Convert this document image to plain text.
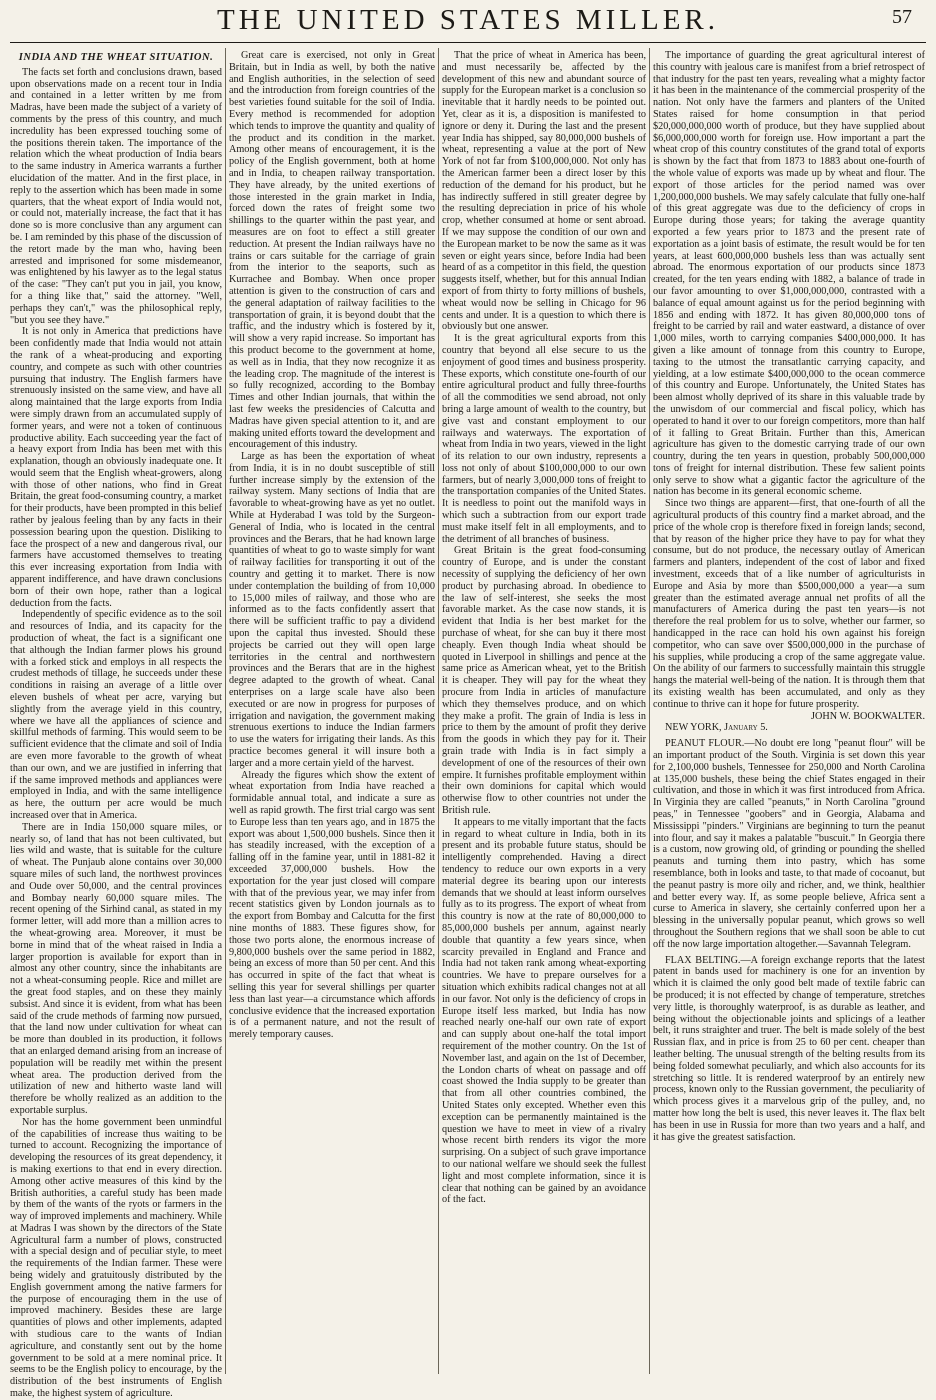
THE UNITED STATES MILLER.	57
INDIA AND THE WHEAT SITUATION.

The facts set forth and conclusions drawn, based upon observations made on a recent tour in India and contained in a letter written by me from Madras, have been made the subject of a variety of comments by the press of this country, and much incredulity has been expressed touching some of the positions therein taken. The importance of the relation which the wheat production of India bears to the same industry in America warrants a further elucidation of the matter. And in the first place, in reply to the assertion which has been made in some quarters, that the wheat export of India would not, or could not, materially increase, the fact that it has done so is more conclusive than any argument can be. I am reminded by this phase of the discussion of the retort made by the man who, having been arrested and imprisoned for some misdemeanor, was enlightened by his lawyer as to the legal status of the case: "They can't put you in jail, you know, for a thing like that," said the attorney. "Well, perhaps they can't," was the philosophical reply, "but you see they have."

It is not only in America that predictions have been confidently made that India would not attain the rank of a wheat-producing and exporting country, and compete as such with other countries pursuing that industry. The English farmers have strenuously insisted on the same view, and have all along maintained that the large exports from India were simply drawn from an accumulated supply of former years, and were not a token of continuous productive ability. Each succeeding year the fact of a heavy export from India has been met with this explanation, though an obviously inadequate one. It would seem that the English wheat-growers, along with those of other nations, who find in Great Britain, the great food-consuming country, a market for their products, have been prompted in this belief rather by jealous feeling than by any facts in their possession bearing upon the question. Disliking to face the prospect of a new and dangerous rival, our farmers have accustomed themselves to treating this ever increasing exportation from India with apparent indifference, and have drawn conclusions born of their own hope, rather than a logical deduction from the facts.

Independently of specific evidence as to the soil and resources of India, and its capacity for the production of wheat, the fact is a significant one that although the Indian farmer plows his ground with a forked stick and employs in all respects the crudest methods of tillage, he succeeds under these conditions in raising an average of a little over eleven bushels of wheat per acre, varying but slightly from the average yield in this country, where we have all the appliances of science and skillful methods of farming. This would seem to be sufficient evidence that the climate and soil of India are even more favorable to the growth of wheat than our own, and we are justified in inferring that if the same improved methods and appliances were employed in India, and with the same intelligence as here, the outturn per acre would be much increased over that in America.

There are in India 150,000 square miles, or nearly so, of land that has not been cultivated, but lies wild and waste, that is suitable for the culture of wheat. The Punjaub alone contains over 30,000 square miles of such land, the northwest provinces and Oude over 50,000, and the central provinces and Bombay nearly 60,000 square miles. The recent opening of the Sirhind canal, as stated in my former letter, will add more than a million acres to the wheat-growing area. Moreover, it must be borne in mind that of the wheat raised in India a larger proportion is available for export than in almost any other country, since the inhabitants are not a wheat-consuming people. Rice and millet are the great food staples, and on these they mainly subsist. And since it is evident, from what has been said of the crude methods of farming now pursued, that the land now under cultivation for wheat can be more than doubled in its production, it follows that an enlarged demand arising from an increase of population will be readily met within the present wheat area. The production derived from the utilization of new and hitherto waste land will therefore be wholly realized as an addition to the exportable surplus.

Nor has the home government been unmindful of the capabilities of increase thus waiting to be turned to account. Recognizing the importance of developing the resources of its great dependency, it is making exertions to that end in every direction. Among other active measures of this kind by the British authorities, a careful study has been made by them of the wants of the ryots or farmers in the way of improved implements and machinery. While at Madras I was shown by the directors of the State Agricultural farm a number of plows, constructed with a special design and of peculiar style, to meet the requirements of the Indian farmer. These were being widely and gratuitously distributed by the English government among the native farmers for the purpose of encouraging them in the use of improved machinery. Besides these are large quantities of plows and other implements, adapted with studious care to the wants of Indian agriculture, and constantly sent out by the home government to be sold at a mere nominal price. It seems to be the English policy to encourage, by the distribution of the best instruments of English make, the highest system of agriculture.

Great care is exercised, not only in Great Britain, but in India as well, by both the native and English authorities, in the selection of seed and the introduction from foreign countries of the best varieties found suitable for the soil of India. Every method is recommended for adoption which tends to improve the quantity and quality of the product and its condition in the market. Among other means of encouragement, it is the policy of the English government, both at home and in India, to cheapen railway transportation. They have already, by the united exertions of those interested in the grain market in India, forced down the rates of freight some two shillings to the quarter within the past year, and measures are on foot to effect a still greater reduction. At present the Indian railways have no trains or cars suitable for the carriage of grain from the interior to the seaports, such as Kurrachee and Bombay. When once proper attention is given to the construction of cars and the general adaptation of railway facilities to the transportation of grain, it is beyond doubt that the traffic, and the industry which is fostered by it, will show a very rapid increase. So important has this product become to the government at home, as well as in India, that they now recognize it as the leading crop. The magnitude of the interest is so fully recognized, according to the Bombay Times and other Indian journals, that within the last few weeks the presidencies of Calcutta and Madras have given special attention to it, and are making united efforts toward the development and encouragement of this industry.

Large as has been the exportation of wheat from India, it is in no doubt susceptible of still further increase simply by the extension of the railway system. Many sections of India that are favorable to wheat-growing have as yet no outlet. While at Hyderabad I was told by the Surgeon-General of India, who is located in the central provinces and the Berars, that he had known large quantities of wheat to go to waste simply for want of railway facilities for transporting it out of the country and getting it to market. There is now under contemplation the building of from 10,000 to 15,000 miles of railway, and those who are informed as to the facts confidently assert that there will be sufficient traffic to pay a dividend upon the capital thus invested. Should these projects be carried out they will open large territories in the central and northwestern provinces and the Berars that are in the highest degree adapted to the growth of wheat. Canal enterprises on a large scale have also been executed or are now in progress for purposes of irrigation and navigation, the government making strenuous exertions to induce the Indian farmers to use the waters for irrigating their lands. As this practice becomes general it will insure both a larger and a more certain yield of the harvest.

Already the figures which show the extent of wheat exportation from India have reached a formidable annual total, and indicate a sure as well as rapid growth. The first trial cargo was sent to Europe less than ten years ago, and in 1875 the export was about 1,500,000 bushels. Since then it has steadily increased, with the exception of a falling off in the famine year, until in 1881-82 it exceeded 37,000,000 bushels. How the exportation for the year just closed will compare with that of the previous year, we may infer from recent statistics given by London journals as to the export from Bombay and Calcutta for the first nine months of 1883. These figures show, for those two ports alone, the enormous increase of 9,800,000 bushels over the same period in 1882, being an excess of more than 50 per cent. And this has occurred in spite of the fact that wheat is selling this year for several shillings per quarter less than last year—a circumstance which affords conclusive evidence that the increased exportation is of a permanent nature, and not the result of merely temporary causes.

That the price of wheat in America has been, and must necessarily be, affected by the development of this new and abundant source of supply for the European market is a conclusion so inevitable that it hardly needs to be pointed out. Yet, clear as it is, a disposition is manifested to ignore or deny it. During the last and the present year India has shipped, say 80,000,000 bushels of wheat, representing a value at the port of New York of not far from $100,000,000. Not only has the American farmer been a direct loser by this reduction of the demand for his product, but he has indirectly suffered in still greater degree by the resulting depreciation in price of his whole crop, whether consumed at home or sent abroad. If we may suppose the condition of our own and the European market to be now the same as it was seven or eight years since, before India had been heard of as a competitor in this field, the question suggests itself, whether, but for this annual Indian export of from thirty to forty millions of bushels, wheat would now be selling in Chicago for 96 cents and under. It is a question to which there is obviously but one answer.

It is the great agricultural exports from this country that beyond all else secure to us the enjoyment of good times and business prosperity. These exports, which constitute one-fourth of our entire agricultural product and fully three-fourths of all the commodities we send abroad, not only bring a large amount of wealth to the country, but give vast and constant employment to our railways and waterways. The exportation of wheat from India in two years, viewed in the light of its relation to our own industry, represents a loss not only of about $100,000,000 to our own farmers, but of nearly 3,000,000 tons of freight to the transportation companies of the United States. It is needless to point out the manifold ways in which such a subtraction from our export trade must make itself felt in all employments, and to the detriment of all branches of business.

Great Britain is the great food-consuming country of Europe, and is under the constant necessity of supplying the deficiency of her own product by purchasing abroad. In obedience to the law of self-interest, she seeks the most favorable market. As the case now stands, it is evident that India is her best market for the purchase of wheat, for she can buy it there most cheaply. Even though India wheat should be quoted in Liverpool in shillings and pence at the same price as American wheat, yet to the British it is cheaper. They will pay for the wheat they procure from India in articles of manufacture which they themselves produce, and on which they make a profit. The grain of India is less in price to them by the amount of profit they derive from the goods in which they pay for it. Their grain trade with India is in fact simply a development of one of the resources of their own empire. It furnishes profitable employment within their own dominions for capital which would otherwise flow to other countries not under the British rule.

It appears to me vitally important that the facts in regard to wheat culture in India, both in its present and its probable future status, should be intelligently comprehended. Having a direct tendency to reduce our own exports in a very material degree its bearing upon our interests demands that we should at least inform ourselves fully as to its progress. The export of wheat from this country is now at the rate of 80,000,000 to 85,000,000 bushels per annum, against nearly double that quantity a few years since, when scarcity prevailed in England and France and India had not taken rank among wheat-exporting countries. We have to prepare ourselves for a situation which exhibits radical changes not at all in our favor. Not only is the deficiency of crops in Europe itself less marked, but India has now reached nearly one-half our own rate of export and can supply about one-half the total import requirement of the mother country. On the 1st of November last, and again on the 1st of December, the London charts of wheat on passage and off coast showed the India supply to be greater than that from all other countries combined, the United States only excepted. Whether even this exception can be permanently maintained is the question we have to meet in view of a rivalry whose recent birth renders its vigor the more surprising. On a subject of such grave importance to our national welfare we should seek the fullest light and most complete information, since it is clear that nothing can be gained by an avoidance of the fact.

The importance of guarding the great agricultural interest of this country with jealous care is manifest from a brief retrospect of that industry for the past ten years, revealing what a mighty factor it has been in the maintenance of the commercial prosperity of the nation. Not only have the farmers and planters of the United States raised for home consumption in that period $20,000,000,000 worth of produce, but they have supplied about $6,000,000,000 worth for foreign use. How important a part the wheat crop of this country constitutes of the grand total of exports is shown by the fact that from 1873 to 1883 about one-fourth of the whole value of exports was made up by wheat and flour. The export of those articles for the period named was over 1,200,000,000 bushels. We may safely calculate that fully one-half of this great aggregate was due to the deficiency of crops in Europe during those years; for taking the average quantity exported a few years prior to 1873 and the present rate of exportation as a joint basis of estimate, the result would be for ten years, at least 600,000,000 bushels less than was actually sent abroad. The enormous exportation of our products since 1873 created, for the ten years ending with 1882, a balance of trade in our favor amounting to over $1,000,000,000, contrasted with a balance of equal amount against us for the period beginning with 1856 and ending with 1872. It has given 80,000,000 tons of freight to be carried by rail and water eastward, a distance of over 1,000 miles, worth to carrying companies $400,000,000. It has given a like amount of tonnage from this country to Europe, taxing to the utmost the transatlantic carrying capacity, and yielding, at a low estimate $400,000,000 to the ocean commerce of this country and Europe. Unfortunately, the United States has been almost wholly deprived of its share in this valuable trade by the unwisdom of our commercial and fiscal policy, which has operated to hand it over to our foreign competitors, more than half of it falling to Great Britain. Further than this, American agriculture has given to the domestic carrying trade of our own country, during the ten years in question, probably 500,000,000 tons of freight for internal distribution. These few salient points only serve to show what a gigantic factor the agriculture of the nation has become in its general economic scheme.

Since two things are apparent—first, that one-fourth of all the agricultural products of this country find a market abroad, and the price of the whole crop is therefore fixed in foreign lands; second, that by reason of the higher price they have to pay for what they consume, but do not produce, the necessary outlay of American farmers and planters, independent of the cost of labor and fixed investment, exceeds that of a like number of agriculturists in Europe and Asia by more than $500,000,000 a year—a sum greater than the estimated average annual net profits of all the manufacturers of America during the past ten years—is not therefore the real problem for us to solve, whether our farmer, so handicapped in the race can hold his own against his foreign competitor, who can save over $500,000,000 in the purchase of his supplies, while producing a crop of the same aggregate value. On the ability of our farmers to successfully maintain this struggle hangs the material well-being of the nation. It is through them that its existing wealth has been accumulated, and only as they continue to thrive can it hope for future prosperity.

JOHN W. BOOKWALTER.

NEW YORK, January 5.

PEANUT FLOUR.—No doubt ere long "peanut flour" will be an important product of the South. Virginia is set down this year for 2,100,000 bushels, Tennessee for 250,000 and North Carolina at 135,000 bushels, these being the chief States engaged in their cultivation, and those in which it was first introduced from Africa. In Virginia they are called "peanuts," in North Carolina "ground peas," in Tennessee "goobers" and in Georgia, Alabama and Mississippi "pinders." Virginians are beginning to turn the peanut into flour, and say it makes a palatable "buscuit." In Georgia there is a custom, now growing old, of grinding or pounding the shelled peanuts and turning them into pastry, which has some resemblance, both in looks and taste, to that made of cocoanut, but the peanut pastry is more oily and richer, and, we think, healthier and better every way. If, as some people believe, Africa sent a curse to America in slavery, she certainly conferred upon her a blessing in the universally popular peanut, which grows so well throughout the Southern regions that we shall soon be able to cut off the now large importation altogether.—Savannah Telegram.

FLAX BELTING.—A foreign exchange reports that the latest patent in bands used for machinery is one for an invention by which it is claimed the only good belt made of textile fabric can be produced; it is not effected by change of temperature, stretches very little, is thoroughly waterproof, is as durable as leather, and being without the objectionable joints and splicings of a leather belt, it runs straighter and truer. The belt is made solely of the best Russian flax, and in price is from 25 to 60 per cent. cheaper than leather belting. The unusual strength of the belting results from its being folded somewhat peculiarly, and which also accounts for its stretching so little. It is rendered waterproof by an entirely new process, known only to the Russian government, the peculiarity of which process gives it a marvelous grip of the pulley, and, no matter how long the belt is used, this never leaves it. The flax belt has been in use in Russia for more than two years and a half, and it has give the greatest satisfaction.
